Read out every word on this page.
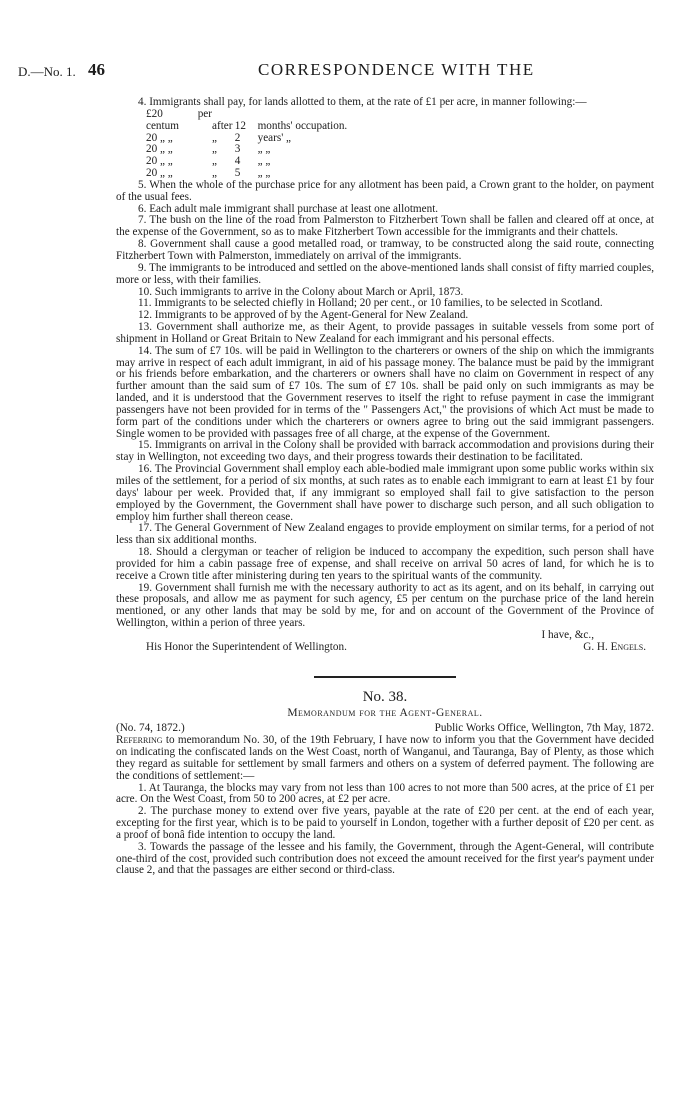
D.—No. 1. 46	CORRESPONDENCE WITH THE

4. Immigrants shall pay, for lands allotted to them, at the rate of £1 per acre, in manner following:—

£20 per centum	after 12 months' occupation.

20 „ „	„ 2 years' „

20 „ „	„ 3 „ „

20 „ „	„ 4 „ „

20 „ „	„ 5 „ „

5. When the whole of the purchase price for any allotment has been paid, a Crown grant to the holder, on payment of the usual fees.

6. Each adult male immigrant shall purchase at least one allotment.

7. The bush on the line of the road from Palmerston to Fitzherbert Town shall be fallen and cleared off at once, at the expense of the Government, so as to make Fitzherbert Town accessible for the immigrants and their chattels.

8. Government shall cause a good metalled road, or tramway, to be constructed along the said route, connecting Fitzherbert Town with Palmerston, immediately on arrival of the immigrants.

9. The immigrants to be introduced and settled on the above-mentioned lands shall consist of fifty married couples, more or less, with their families.

10. Such immigrants to arrive in the Colony about March or April, 1873.

11. Immigrants to be selected chiefly in Holland; 20 per cent., or 10 families, to be selected in Scotland.

12. Immigrants to be approved of by the Agent-General for New Zealand.

13. Government shall authorize me, as their Agent, to provide passages in suitable vessels from some port of shipment in Holland or Great Britain to New Zealand for each immigrant and his personal effects.

14. The sum of £7 10s. will be paid in Wellington to the charterers or owners of the ship on which the immigrants may arrive in respect of each adult immigrant, in aid of his passage money. The balance must be paid by the immigrant or his friends before embarkation, and the charterers or owners shall have no claim on Government in respect of any further amount than the said sum of £7 10s. The sum of £7 10s. shall be paid only on such immigrants as may be landed, and it is understood that the Government reserves to itself the right to refuse payment in case the immigrant passengers have not been provided for in terms of the " Passengers Act," the provisions of which Act must be made to form part of the conditions under which the charterers or owners agree to bring out the said immigrant passengers. Single women to be provided with passages free of all charge, at the expense of the Government.

15. Immigrants on arrival in the Colony shall be provided with barrack accommodation and provisions during their stay in Wellington, not exceeding two days, and their progress towards their destination to be facilitated.

16. The Provincial Government shall employ each able-bodied male immigrant upon some public works within six miles of the settlement, for a period of six months, at such rates as to enable each immigrant to earn at least £1 by four days' labour per week. Provided that, if any immigrant so employed shall fail to give satisfaction to the person employed by the Government, the Government shall have power to discharge such person, and all such obligation to employ him further shall thereon cease.

17. The General Government of New Zealand engages to provide employment on similar terms, for a period of not less than six additional months.

18. Should a clergyman or teacher of religion be induced to accompany the expedition, such person shall have provided for him a cabin passage free of expense, and shall receive on arrival 50 acres of land, for which he is to receive a Crown title after ministering during ten years to the spiritual wants of the community.

19. Government shall furnish me with the necessary authority to act as its agent, and on its behalf, in carrying out these proposals, and allow me as payment for such agency, £5 per centum on the purchase price of the land herein mentioned, or any other lands that may be sold by me, for and on account of the Government of the Province of Wellington, within a perion of three years.

I have, &c.,

His Honor the Superintendent of Wellington.	G. H. Engels.

No. 38.
Memorandum for the Agent-General.

(No. 74, 1872.)	Public Works Office, Wellington, 7th May, 1872.

Referring to memorandum No. 30, of the 19th February, I have now to inform you that the Government have decided on indicating the confiscated lands on the West Coast, north of Wanganui, and Tauranga, Bay of Plenty, as those which they regard as suitable for settlement by small farmers and others on a system of deferred payment. The following are the conditions of settlement:—

1. At Tauranga, the blocks may vary from not less than 100 acres to not more than 500 acres, at the price of £1 per acre. On the West Coast, from 50 to 200 acres, at £2 per acre.

2. The purchase money to extend over five years, payable at the rate of £20 per cent. at the end of each year, excepting for the first year, which is to be paid to yourself in London, together with a further deposit of £20 per cent. as a proof of bonâ fide intention to occupy the land.

3. Towards the passage of the lessee and his family, the Government, through the Agent-General, will contribute one-third of the cost, provided such contribution does not exceed the amount received for the first year's payment under clause 2, and that the passages are either second or third-class.
